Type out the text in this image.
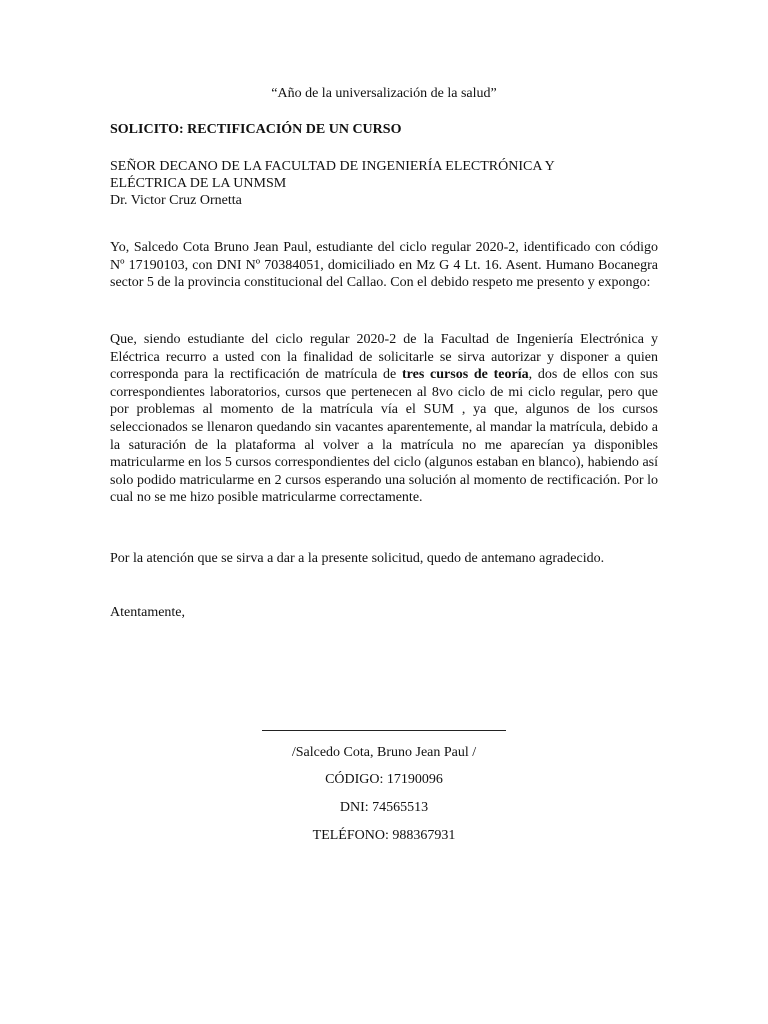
“Año de la universalización de la salud”
SOLICITO: RECTIFICACIÓN DE UN CURSO
SEÑOR DECANO DE LA FACULTAD DE INGENIERÍA ELECTRÓNICA Y
ELÉCTRICA DE LA UNMSM
Dr. Victor Cruz Ornetta
Yo, Salcedo Cota Bruno Jean Paul, estudiante del ciclo regular 2020-2, identificado con código Nº 17190103, con DNI Nº 70384051, domiciliado en Mz G 4 Lt. 16. Asent. Humano Bocanegra sector 5 de la provincia constitucional del Callao. Con el debido respeto me presento y expongo:
Que, siendo estudiante del ciclo regular 2020-2 de la Facultad de Ingeniería Electrónica y Eléctrica recurro a usted con la finalidad de solicitarle se sirva autorizar y disponer a quien corresponda para la rectificación de matrícula de tres cursos de teoría, dos de ellos con sus correspondientes laboratorios, cursos que pertenecen al 8vo ciclo de mi ciclo regular, pero que por problemas al momento de la matrícula vía el SUM , ya que, algunos de los cursos seleccionados se llenaron quedando sin vacantes aparentemente, al mandar la matrícula, debido a la saturación de la plataforma al volver a la matrícula no me aparecían ya disponibles matricularme en los 5 cursos correspondientes del ciclo (algunos estaban en blanco), habiendo así solo podido matricularme en 2 cursos esperando una solución al momento de rectificación. Por lo cual no se me hizo posible matricularme correctamente.
Por la atención que se sirva a dar a la presente solicitud, quedo de antemano agradecido.
Atentamente,
/Salcedo Cota, Bruno Jean Paul /
CÓDIGO: 17190096
DNI: 74565513
TELÉFONO: 988367931
